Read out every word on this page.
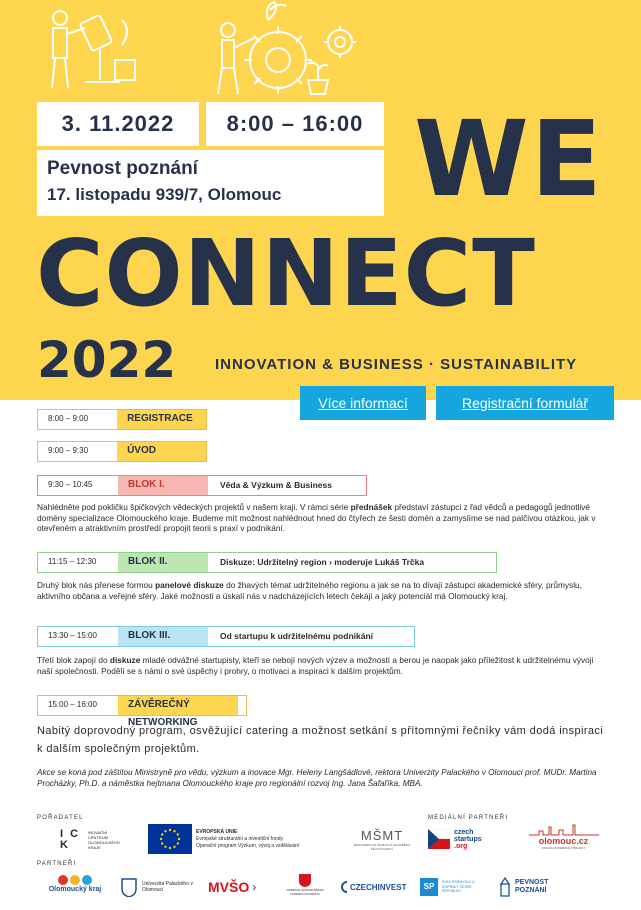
3. 11.2022	8:00 – 16:00
Pevnost poznání
17. listopadu 939/7, Olomouc	WE
CONNECT
2022	INNOVATION & BUSINESS · SUSTAINABILITY
Více informací	Registrační formulář
8:00 – 9:00	REGISTRACE
9:00 – 9:30	ÚVOD
9:30 – 10:45	BLOK I.	Věda & Výzkum & Business
Nahlédněte pod pokličku špičkových vědeckých projektů v našem kraji. V rámci série přednášek představí zástupci z řad vědců a pedagogů jednotlivé domény specializace Olomouckého kraje. Budeme mít možnost nahlédnout hned do čtyřech ze šesti domén a zamyslíme se nad palčivou otázkou, jak v otevřeném a atraktivním prostředí propojit teorii s praxí v podnikání.
11:15 – 12:30	BLOK II.	Diskuze: Udržitelný region › moderuje Lukáš Trčka
Druhý blok nás přenese formou panelové diskuze do žhavých témat udržitelného regionu a jak se na to dívají zástupci akademické sféry, průmyslu, aktivního občana a veřejné sféry. Jaké možnosti a úskalí nás v nadcházejících letech čekají a jaký potenciál má Olomoucký kraj.
13:30 – 15:00	BLOK III.	Od startupu k udržitelnému podnikání
Třetí blok zapojí do diskuze mladé odvážné startupisty, kteří se nebojí nových výzev a možností a berou je naopak jako příležitost k udržitelnému vývoji naší společnosti. Podělí se s námi o své úspěchy i prohry, o motivaci a inspiraci k dalším projektům.
15:00 – 16:00	ZÁVĚREČNÝ NETWORKING
Nabitý doprovodný program, osvěžující catering a možnost setkání s přítomnými řečníky vám dodá inspiraci k dalším společným projektům.
Akce se koná pod záštitou Ministryně pro vědu, výzkum a inovace Mgr. Heleny Langšádlové, rektora Univerzity Palackého v Olomouci prof. MUDr. Martina Procházky, Ph.D. a náměstka hejtmana Olomouckého kraje pro regionální rozvoj Ing. Jana Šafaříka, MBA.
POŘADATEL	MEDIÁLNÍ PARTNEŘI
I C K
INOVAČNÍ CENTRUM OLOMOUCKÉHO KRAJE
EVROPSKÁ UNIE
Evropské strukturální a investiční fondy
Operační program Výzkum, vývoj a vzdělávání
MŠMT
MINISTERSTVO ŠKOLSTVÍ, MLÁDEŽE A TĚLOVÝCHOVY
czech
startups
.org	olomouc.cz
OFICIÁLNÍ WEBOVÉ STRÁNKY
PARTNEŘI
Olomoucký kraj
Univerzita Palackého v Olomouci	MVŠO ›	OKRESNÍ HOSPODÁŘSKÁ KOMORA OLOMOUC
CZECHINVEST	SP	SVAZ PRŮMYSLU A DOPRAVY ČESKÉ REPUBLIKY
PEVNOST
POZNÁNÍ
